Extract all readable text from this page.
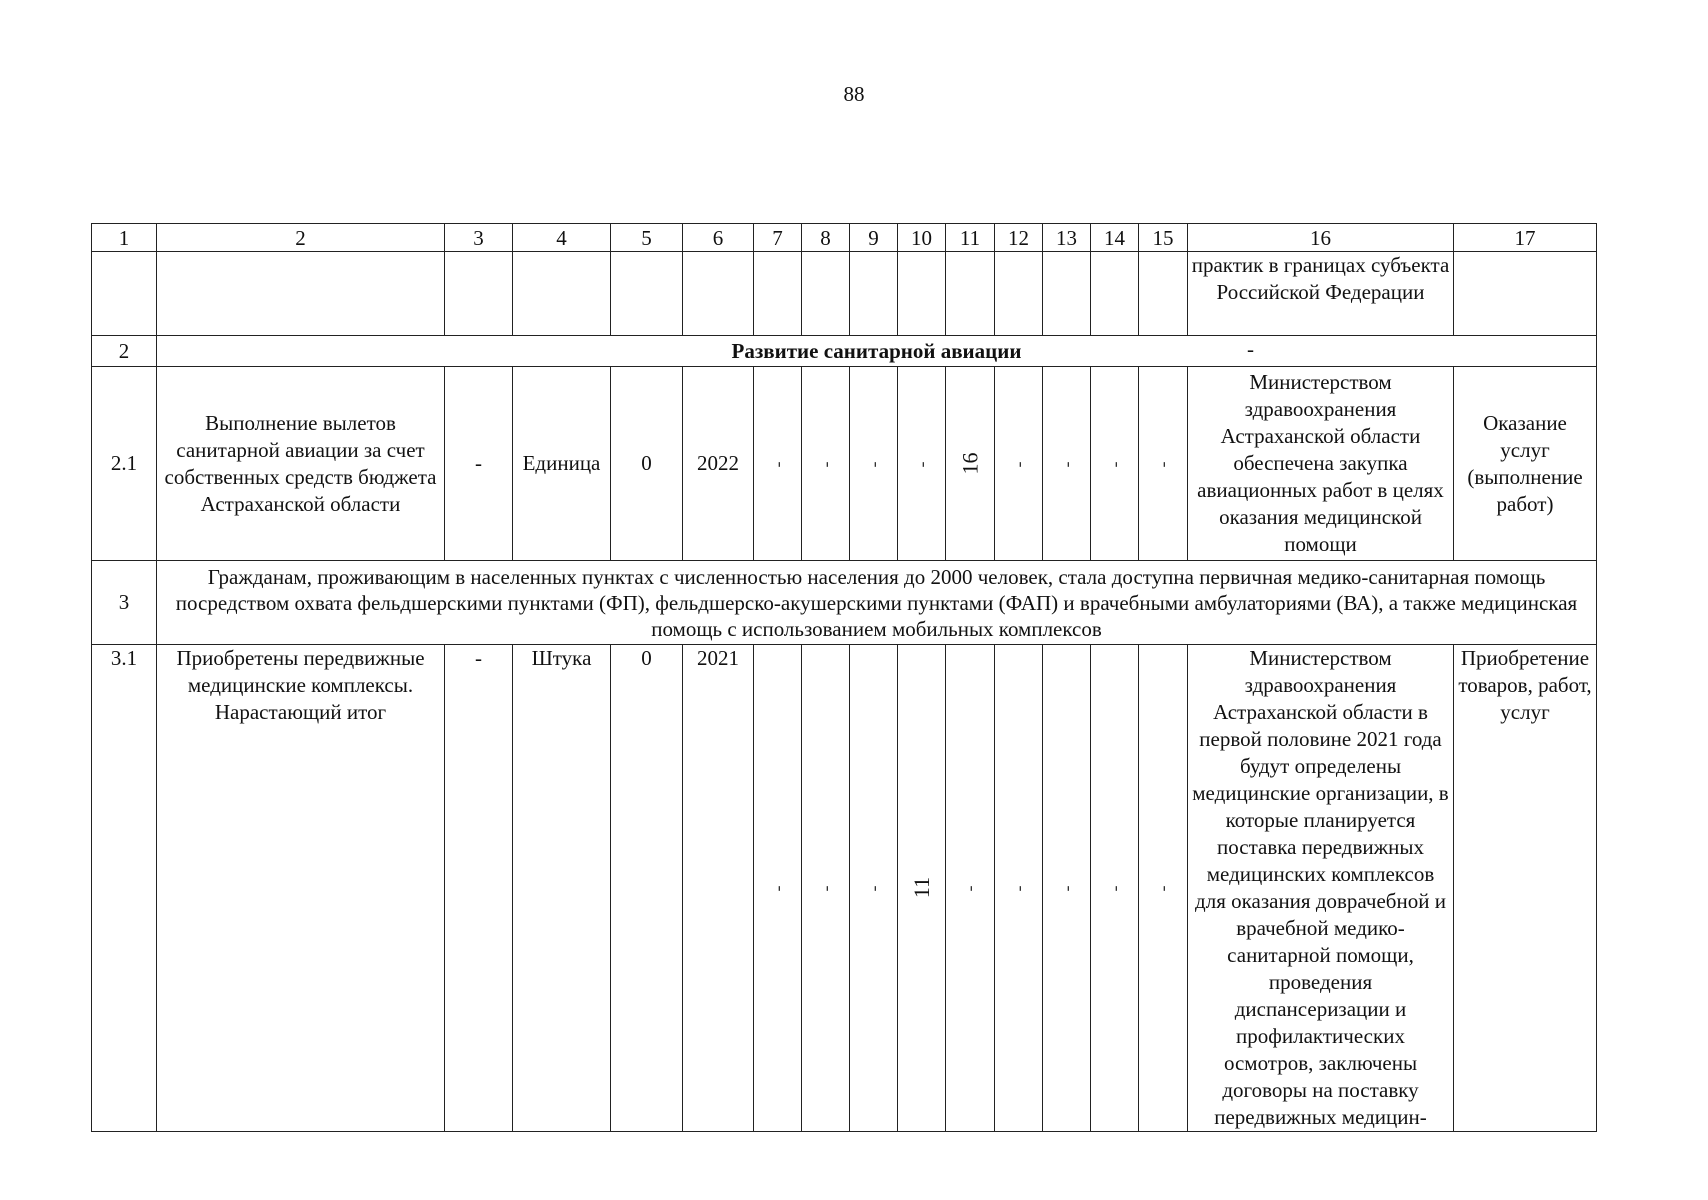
88
1	2	3	4	5	6	7	8	9	10	11	12	13	14	15	16	17
															практик в границах субъекта Российской Федерации	
2	Развитие санитарной авиации -															

2.1	Выполнение вылетов санитарной авиации за счет собственных средств бюджета Астраханской области	-	Единица	0	2022	-	-	-	-	16	-	-	-	-	Министерством здравоохранения Астраханской области обеспечена закупка авиационных работ в целях оказания медицинской помощи	Оказание услуг (выполнение работ)
3	Гражданам, проживающим в населенных пунктах с численностью населения до 2000 человек, стала доступна первичная медико-санитарная помощь посредством охвата фельдшерскими пунктами (ФП), фельдшерско-акушерскими пунктами (ФАП) и врачебными амбулаториями (ВА), а также медицинская помощь с использованием мобильных комплексов															
3.1	Приобретены передвижные медицинские комплексы. Нарастающий итог	-	Штука	0	2021	-	-	-	11	-	-	-	-	-	Министерством здравоохранения Астраханской области в первой половине 2021 года будут определены медицинские организации, в которые планируется поставка передвижных медицинских комплексов для оказания доврачебной и врачебной медико-санитарной помощи, проведения диспансеризации и профилактических осмотров, заключены договоры на поставку передвижных медицин-	Приобретение товаров, работ, услуг
